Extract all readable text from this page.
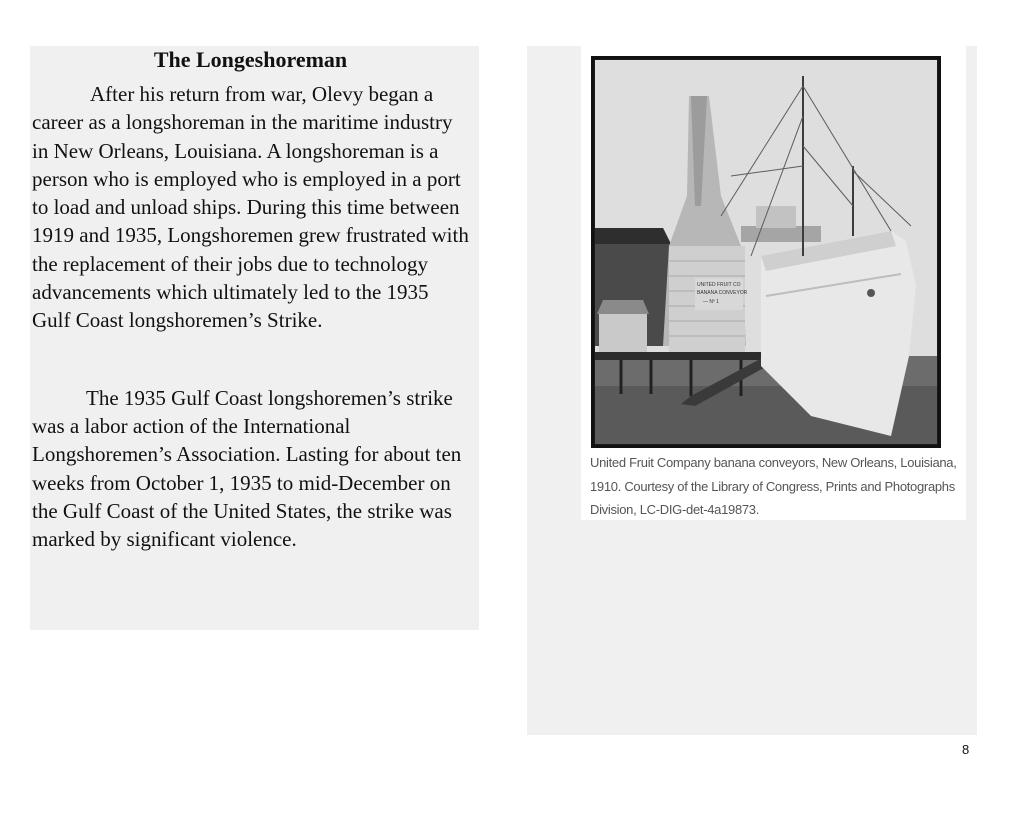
The Longeshoreman

After his return from war, Olevy began a career as a longshoreman in the maritime industry in New Orleans, Louisiana. A longshoreman is a person who is employed who is employed in a port to load and unload ships. During this time between 1919 and 1935, Longshoremen grew frustrated with the replacement of their jobs due to technology advancements which ultimately led to the 1935 Gulf Coast longshoremen’s Strike.

The 1935 Gulf Coast longshoremen’s strike was a labor action of the International Longshoremen’s Association. Lasting for about ten weeks from October 1, 1935 to mid-December on the Gulf Coast of the United States, the strike was marked by significant violence.

UNITED FRUIT CO
BANANA CONVEYOR
— Nº 1
United Fruit Company banana conveyors, New Orleans, Louisiana, 1910. Courtesy of the Library of Congress, Prints and Photographs Division, LC-DIG-det-4a19873.
8
